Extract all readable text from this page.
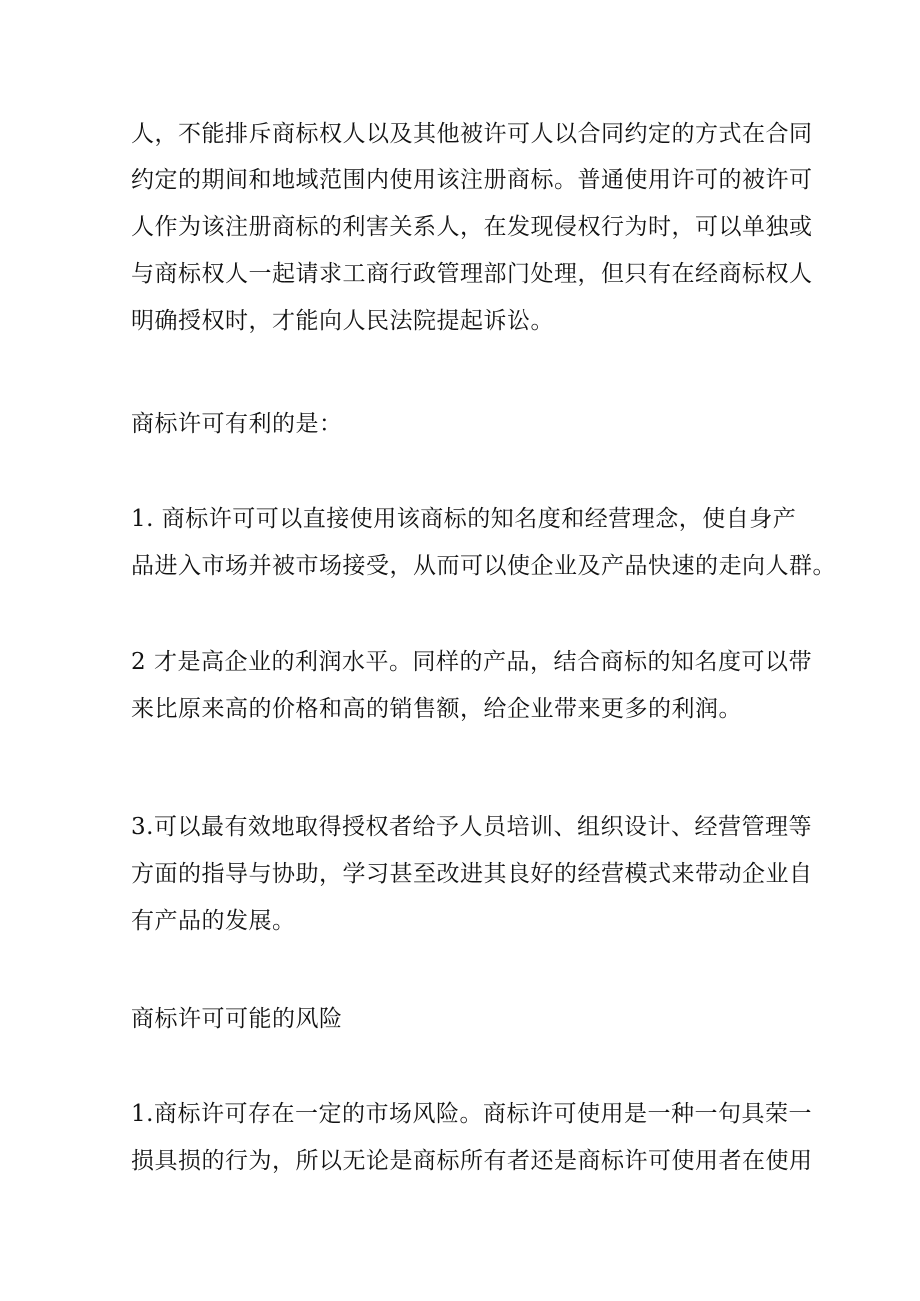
人，不能排斥商标权人以及其他被许可人以合同约定的方式在合同
约定的期间和地域范围内使用该注册商标。普通使用许可的被许可
人作为该注册商标的利害关系人，在发现侵权行为时，可以单独或
与商标权人一起请求工商行政管理部门处理，但只有在经商标权人
明确授权时，才能向人民法院提起诉讼。
商标许可有利的是：
1. 商标许可可以直接使用该商标的知名度和经营理念，使自身产
品进入市场并被市场接受，从而可以使企业及产品快速的走向人群。
2 才是高企业的利润水平。同样的产品，结合商标的知名度可以带
来比原来高的价格和高的销售额，给企业带来更多的利润。
3.可以最有效地取得授权者给予人员培训、组织设计、经营管理等
方面的指导与协助，学习甚至改进其良好的经营模式来带动企业自
有产品的发展。
商标许可可能的风险
1.商标许可存在一定的市场风险。商标许可使用是一种一句具荣一
损具损的行为，所以无论是商标所有者还是商标许可使用者在使用
